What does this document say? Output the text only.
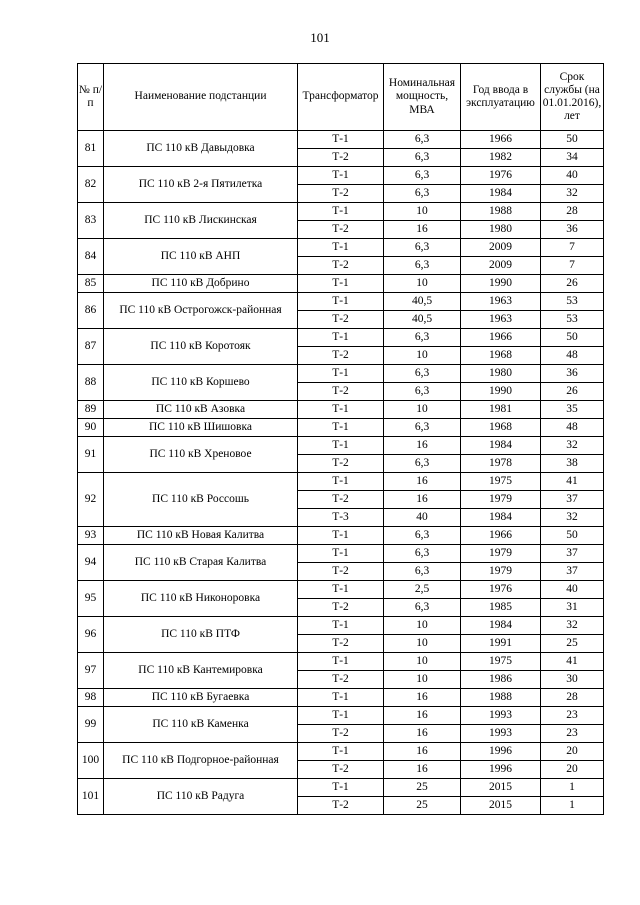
101
№ п/п	Наименование подстанции	Трансформатор	Номинальная мощность, МВА	Год ввода в эксплуатацию	Срок службы (на 01.01.2016), лет
81	ПС 110 кВ Давыдовка	Т-1	6,3	1966	50
		Т-2	6,3	1982	34
82	ПС 110 кВ 2-я Пятилетка	Т-1	6,3	1976	40
		Т-2	6,3	1984	32
83	ПС 110 кВ Лискинская	Т-1	10	1988	28
		Т-2	16	1980	36
84	ПС 110 кВ АНП	Т-1	6,3	2009	7
		Т-2	6,3	2009	7
85	ПС 110 кВ Добрино	Т-1	10	1990	26
86	ПС 110 кВ Острогожск-районная	Т-1	40,5	1963	53
		Т-2	40,5	1963	53
87	ПС 110 кВ Коротояк	Т-1	6,3	1966	50
		Т-2	10	1968	48
88	ПС 110 кВ Коршево	Т-1	6,3	1980	36
		Т-2	6,3	1990	26
89	ПС 110 кВ Азовка	Т-1	10	1981	35
90	ПС 110 кВ Шишовка	Т-1	6,3	1968	48
91	ПС 110 кВ Хреновое	Т-1	16	1984	32
		Т-2	6,3	1978	38
92	ПС 110 кВ Россошь	Т-1	16	1975	41
		Т-2	16	1979	37
		Т-3	40	1984	32
93	ПС 110 кВ Новая Калитва	Т-1	6,3	1966	50
94	ПС 110 кВ Старая Калитва	Т-1	6,3	1979	37
		Т-2	6,3	1979	37
95	ПС 110 кВ Никоноровка	Т-1	2,5	1976	40
		Т-2	6,3	1985	31
96	ПС 110 кВ ПТФ	Т-1	10	1984	32
		Т-2	10	1991	25
97	ПС 110 кВ Кантемировка	Т-1	10	1975	41
		Т-2	10	1986	30
98	ПС 110 кВ Бугаевка	Т-1	16	1988	28
99	ПС 110 кВ Каменка	Т-1	16	1993	23
		Т-2	16	1993	23
100	ПС 110 кВ Подгорное-районная	Т-1	16	1996	20
		Т-2	16	1996	20
101	ПС 110 кВ Радуга	Т-1	25	2015	1
		Т-2	25	2015	1
